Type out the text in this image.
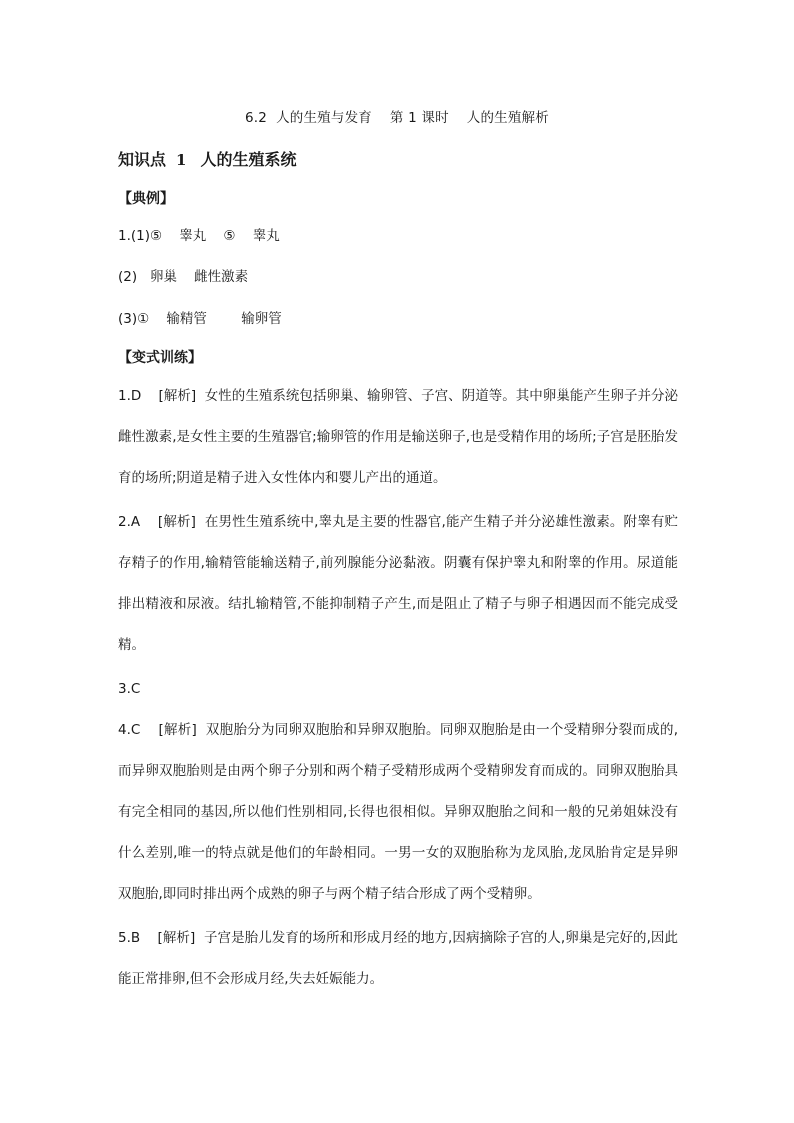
6.2  人的生殖与发育    第 1 课时    人的生殖解析
知识点 1 人的生殖系统
【典例】
1.(1)⑤    睾丸    ⑤    睾丸
(2)   卵巢    雌性激素
(3)①    输精管        输卵管
【变式训练】
1.D    [解析]  女性的生殖系统包括卵巢、输卵管、子宫、阴道等。其中卵巢能产生卵子并分泌雌性激素,是女性主要的生殖器官;输卵管的作用是输送卵子,也是受精作用的场所;子宫是胚胎发育的场所;阴道是精子进入女性体内和婴儿产出的通道。
2.A    [解析]  在男性生殖系统中,睾丸是主要的性器官,能产生精子并分泌雄性激素。附睾有贮存精子的作用,输精管能输送精子,前列腺能分泌黏液。阴囊有保护睾丸和附睾的作用。尿道能排出精液和尿液。结扎输精管,不能抑制精子产生,而是阻止了精子与卵子相遇因而不能完成受精。
3.C
4.C    [解析]  双胞胎分为同卵双胞胎和异卵双胞胎。同卵双胞胎是由一个受精卵分裂而成的,而异卵双胞胎则是由两个卵子分别和两个精子受精形成两个受精卵发育而成的。同卵双胞胎具有完全相同的基因,所以他们性别相同,长得也很相似。异卵双胞胎之间和一般的兄弟姐妹没有什么差别,唯一的特点就是他们的年龄相同。一男一女的双胞胎称为龙凤胎,龙凤胎肯定是异卵双胞胎,即同时排出两个成熟的卵子与两个精子结合形成了两个受精卵。
5.B    [解析]  子宫是胎儿发育的场所和形成月经的地方,因病摘除子宫的人,卵巢是完好的,因此能正常排卵,但不会形成月经,失去妊娠能力。
